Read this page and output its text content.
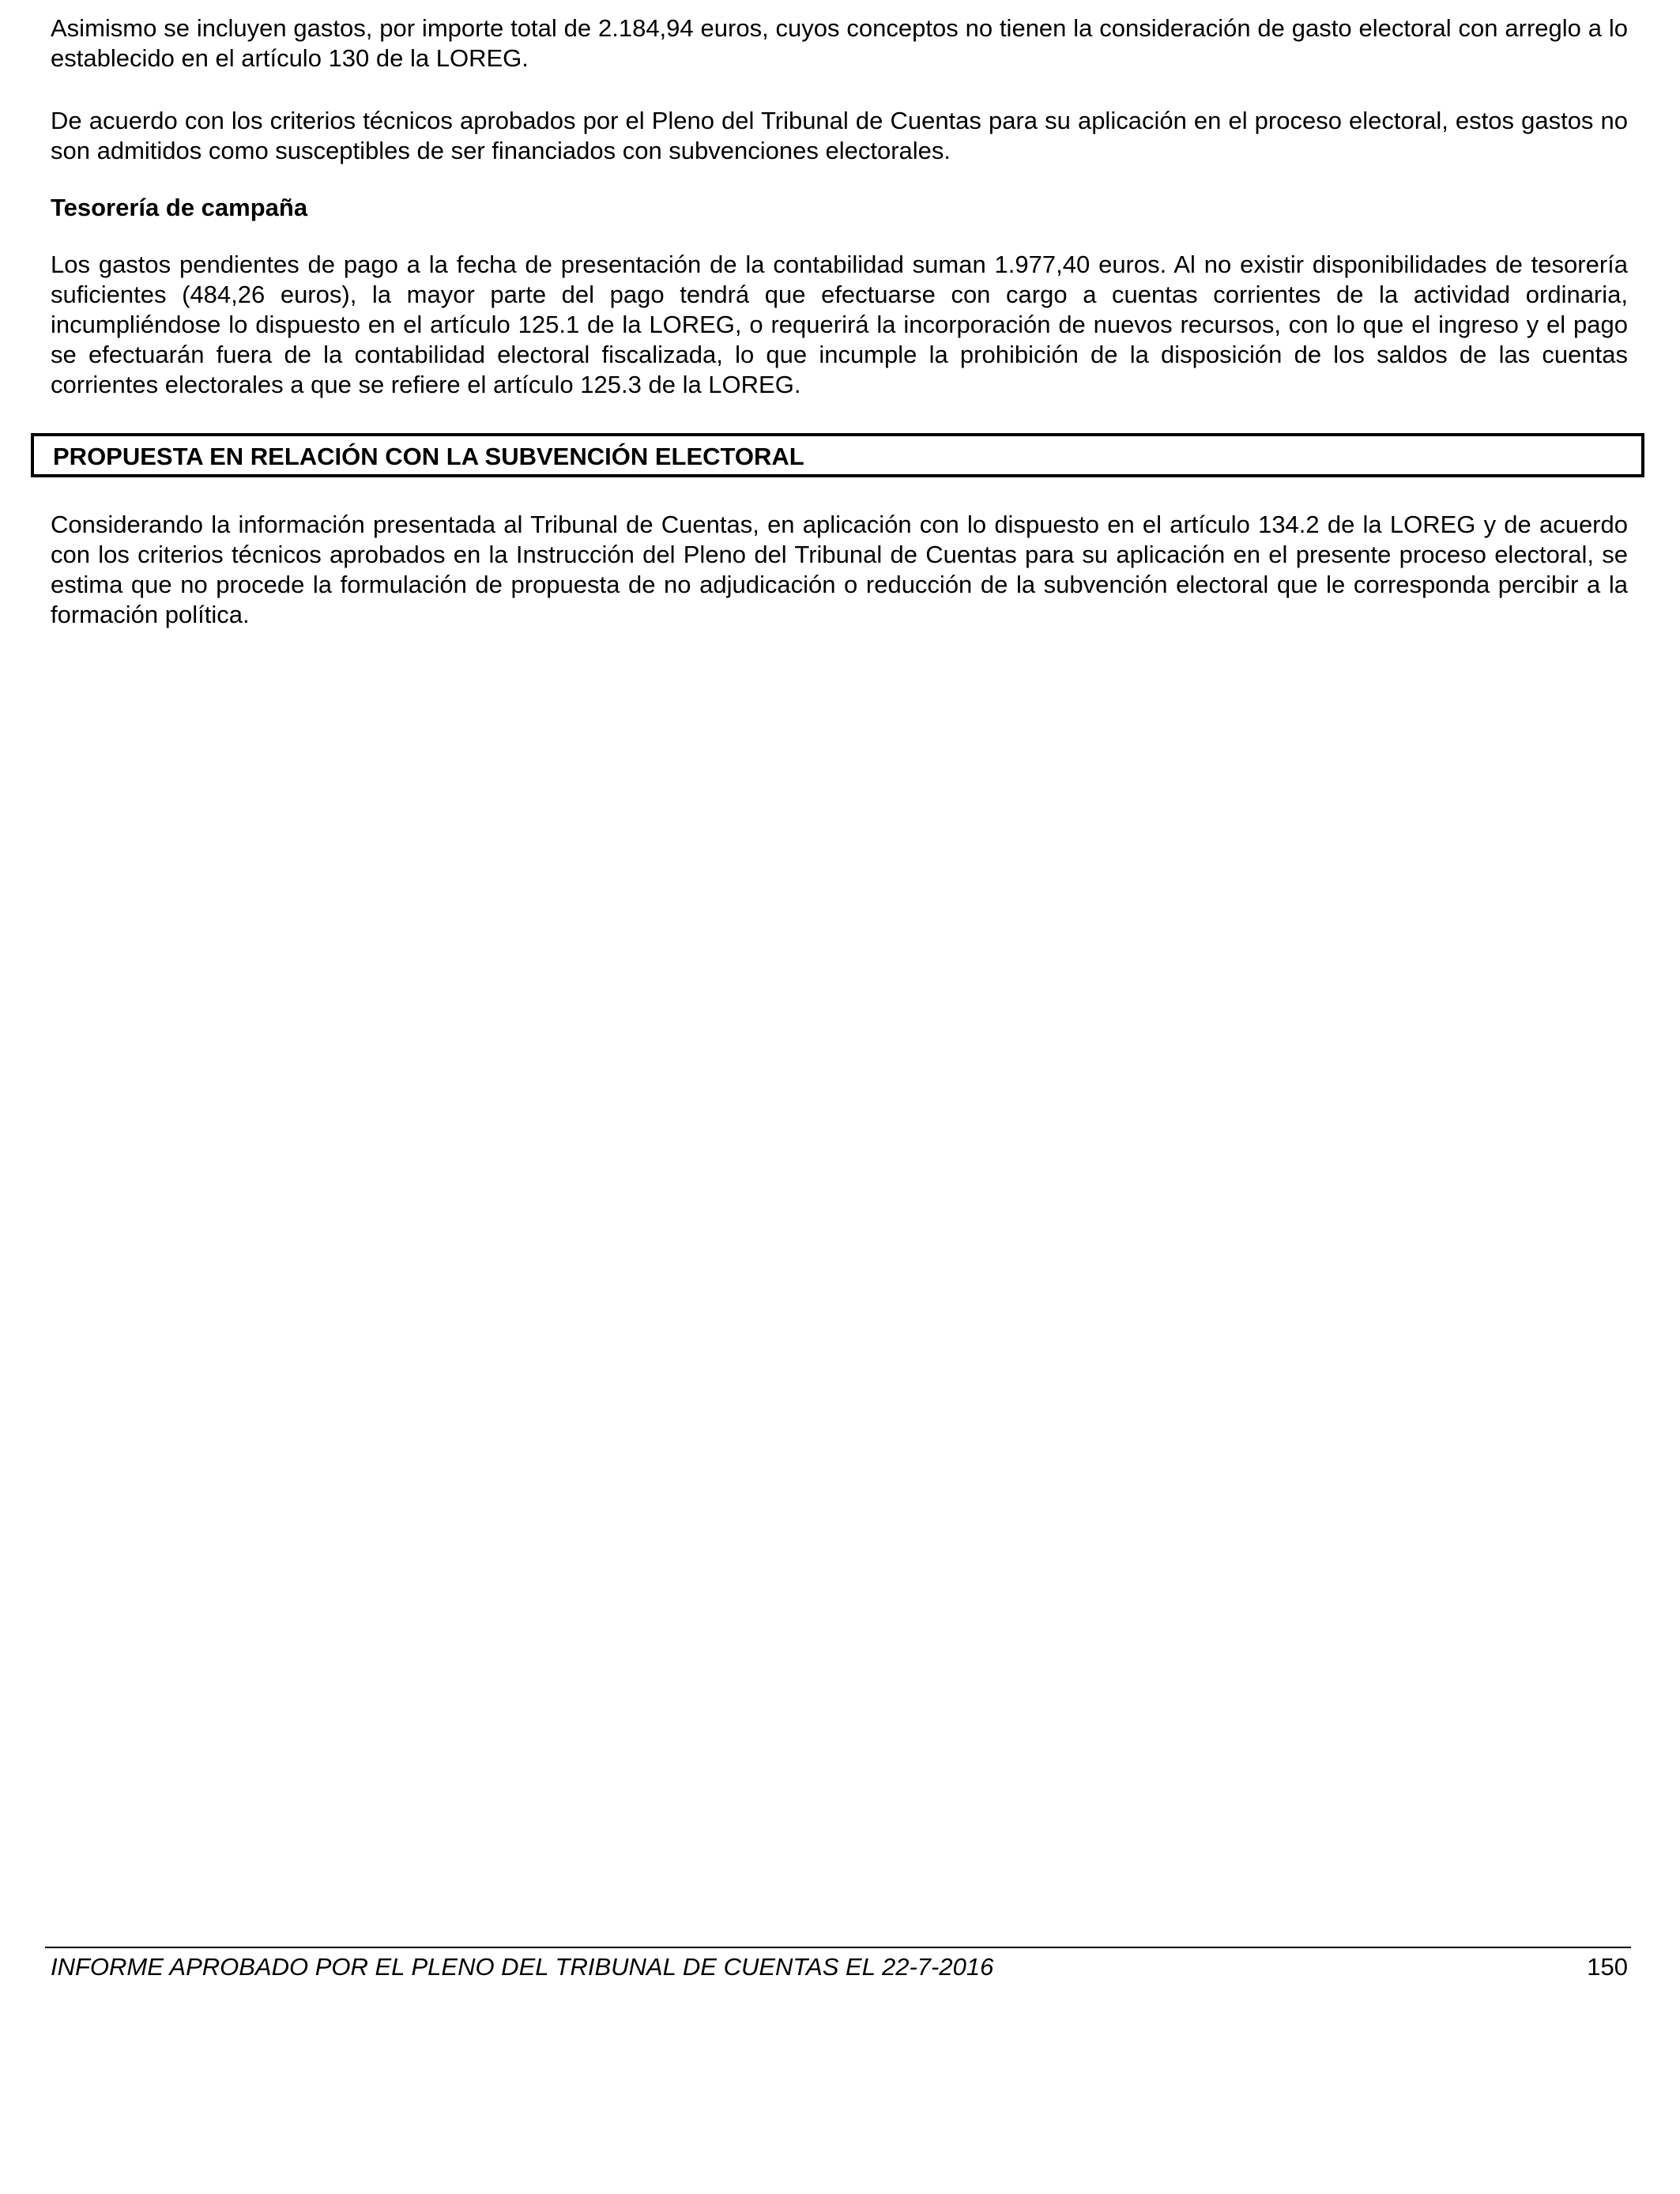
Asimismo se incluyen gastos, por importe total de 2.184,94 euros, cuyos conceptos no tienen la consideración de gasto electoral con arreglo a lo establecido en el artículo 130 de la LOREG.

De acuerdo con los criterios técnicos aprobados por el Pleno del Tribunal de Cuentas para su aplicación en el proceso electoral, estos gastos no son admitidos como susceptibles de ser financiados con subvenciones electorales.

Tesorería de campaña

Los gastos pendientes de pago a la fecha de presentación de la contabilidad suman 1.977,40 euros. Al no existir disponibilidades de tesorería suficientes (484,26 euros), la mayor parte del pago tendrá que efectuarse con cargo a cuentas corrientes de la actividad ordinaria, incumpliéndose lo dispuesto en el artículo 125.1 de la LOREG, o requerirá la incorporación de nuevos recursos, con lo que el ingreso y el pago se efectuarán fuera de la contabilidad electoral fiscalizada, lo que incumple la prohibición de la disposición de los saldos de las cuentas corrientes electorales a que se refiere el artículo 125.3 de la LOREG.

PROPUESTA EN RELACIÓN CON LA SUBVENCIÓN ELECTORAL

Considerando la información presentada al Tribunal de Cuentas, en aplicación con lo dispuesto en el artículo 134.2 de la LOREG y de acuerdo con los criterios técnicos aprobados en la Instrucción del Pleno del Tribunal de Cuentas para su aplicación en el presente proceso electoral, se estima que no procede la formulación de propuesta de no adjudicación o reducción de la subvención electoral que le corresponda percibir a la formación política.

INFORME APROBADO POR EL PLENO DEL TRIBUNAL DE CUENTAS EL 22-7-2016	150
